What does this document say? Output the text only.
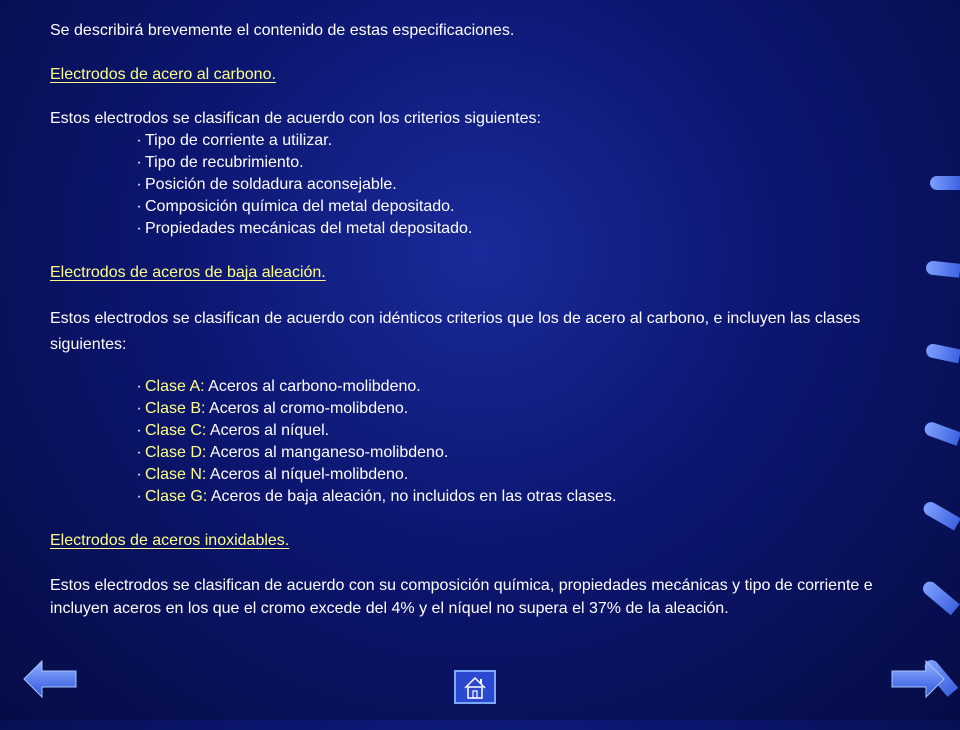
Se describirá brevemente el contenido de estas especificaciones.

Electrodos de acero al carbono.

Estos electrodos se clasifican de acuerdo con los criterios siguientes:

· Tipo de corriente a utilizar.

· Tipo de recubrimiento.

· Posición de soldadura aconsejable.

· Composición química del metal depositado.

· Propiedades mecánicas del metal depositado.

Electrodos de aceros de baja aleación.

Estos electrodos se clasifican de acuerdo con idénticos criterios que los de acero al carbono, e incluyen las clases siguientes:

· Clase A: Aceros al carbono-molibdeno.

· Clase B: Aceros al cromo-molibdeno.

· Clase C: Aceros al níquel.

· Clase D: Aceros al manganeso-molibdeno.

· Clase N: Aceros al níquel-molibdeno.

· Clase G: Aceros de baja aleación, no incluidos en las otras clases.

Electrodos de aceros inoxidables.

Estos electrodos se clasifican de acuerdo con su composición química, propiedades mecánicas y tipo de corriente e incluyen aceros en los que el cromo excede del 4% y el níquel no supera el 37% de la aleación.
